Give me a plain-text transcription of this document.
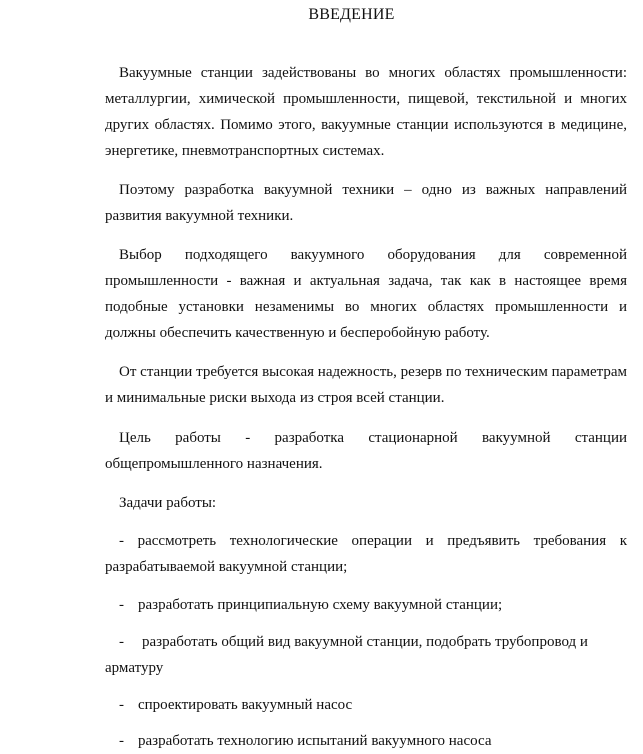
ВВЕДЕНИЕ

Вакуумные станции задействованы во многих областях промышленности: металлургии, химической промышленности, пищевой, текстильной и многих других областях. Помимо этого, вакуумные станции используются в медицине, энергетике, пневмотранспортных системах.

Поэтому разработка вакуумной техники – одно из важных направлений развития вакуумной техники.

Выбор подходящего вакуумного оборудования для современной промышленности - важная и актуальная задача, так как в настоящее время подобные установки незаменимы во многих областях промышленности и должны обеспечить качественную и бесперобойную работу.

От станции требуется высокая надежность, резерв по техническим параметрам и минимальные риски выхода из строя всей станции.

Цель работы - разработка стационарной вакуумной станции общепромышленного назначения.

Задачи работы:

- рассмотреть технологические операции и предъявить требования к разрабатываемой вакуумной станции;

- разработать принципиальную схему вакуумной станции;

- разработать общий вид вакуумной станции, подобрать трубопровод и арматуру

- спроектировать вакуумный насос

- разработать технологию испытаний вакуумного насоса
